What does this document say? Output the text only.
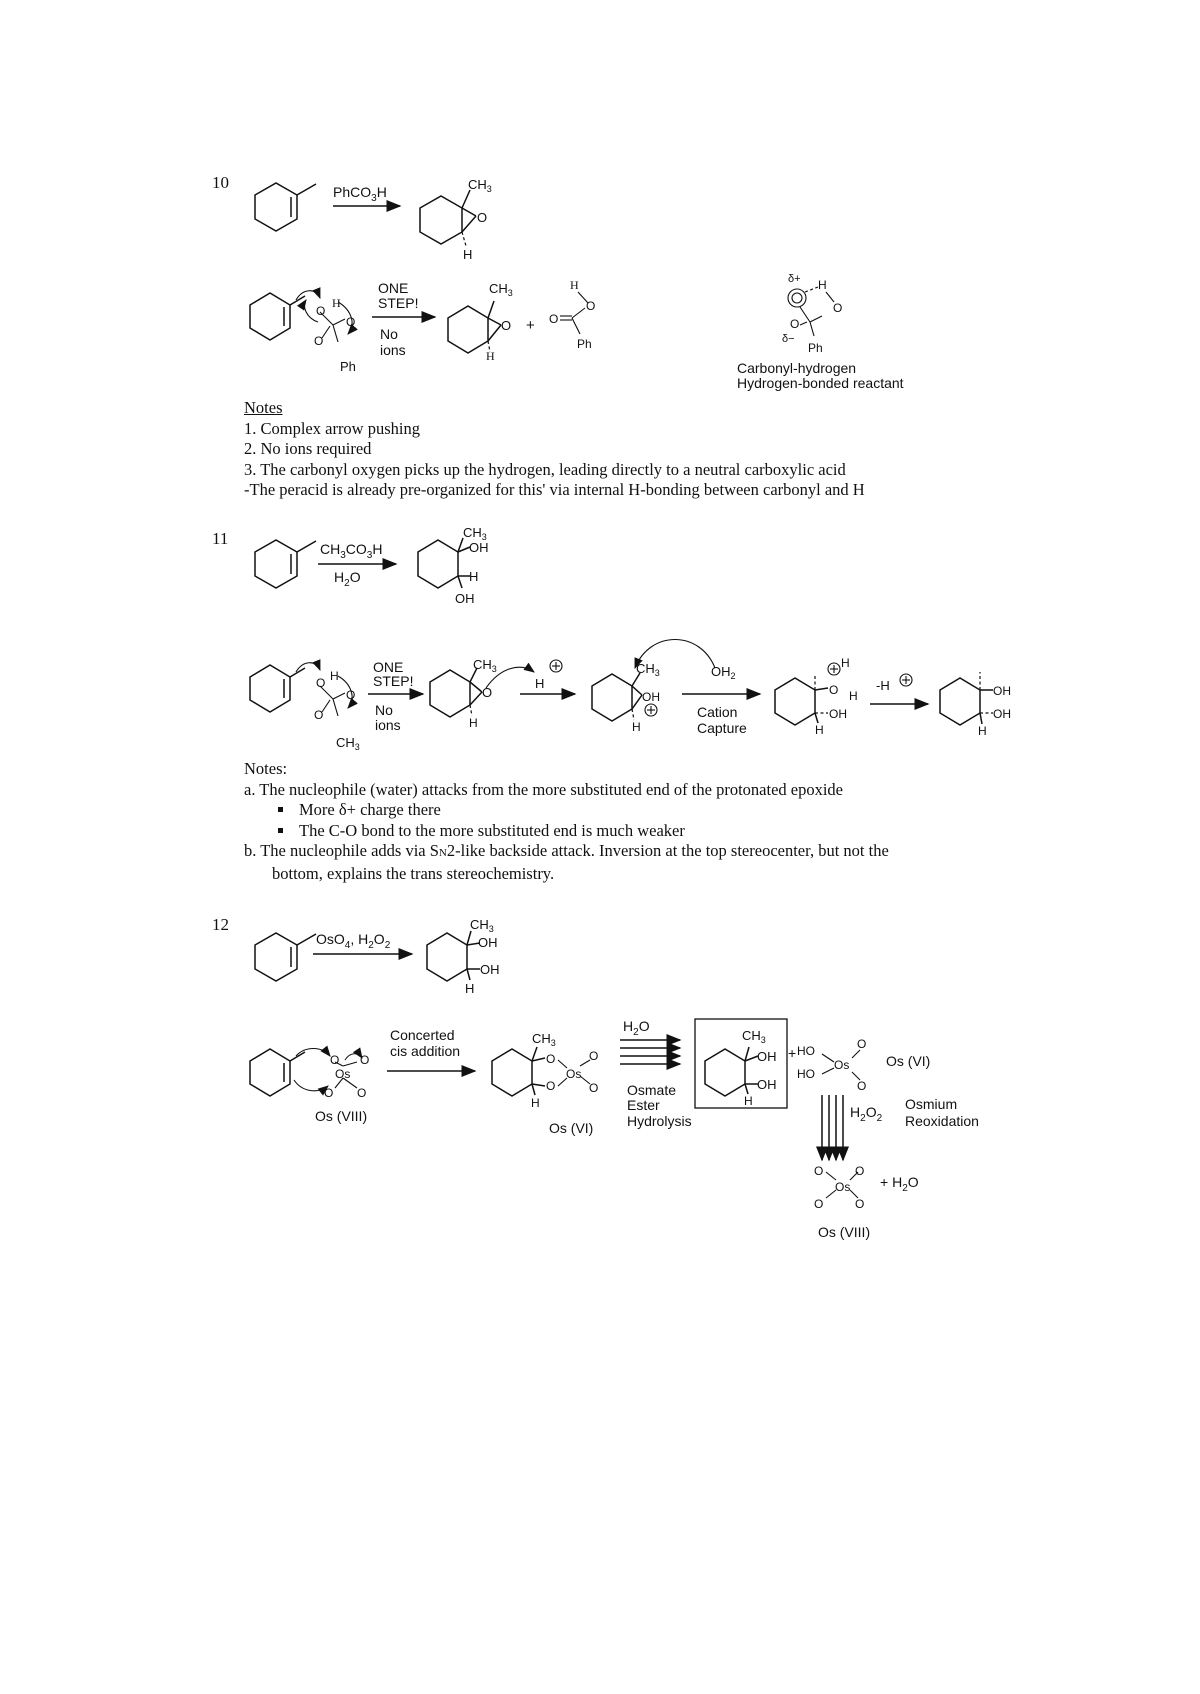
10
11
12
PhCO$_3$H	$CH_3$
O
H
O
H
O
O
Ph
ONE
STEP!
No
ions
$CH_3$
O
H
+
H
O
O
Ph
δ+ H
O
O
δ−
Ph
Carbonyl-hydrogen
Hydrogen-bonded reactant
$CH_3CO_3H$
$H_2O$
$CH_3$
OH
H
OH
O H
O
O
$CH_3$
ONE
STEP!
No
ions
$CH_3$
O
H
H
$CH_3$
OH
H
$OH_2$
Cation
Capture
O
H
H
OH
H
-H	OH
OH
H
OsO$_4$, $H_2O_2$
$CH_3$
OH
OH
H
O O
Os
O O
Os (VIII)
Concerted
cis addition
$CH_3$
O
O
Os
O
O
H
Os (VI)
$H_2O$
Osmate
Ester
Hydrolysis
$CH_3$
OH
OH
H
+ HO
HO
Os
O
O
Os (VI)
$H_2O_2$
Osmium
Reoxidation
O	O
Os
O	O
+ $H_2O$
Os (VIII)
Notes
1. Complex arrow pushing
2. No ions required
3. The carbonyl oxygen picks up the hydrogen, leading directly to a neutral carboxylic acid
-The peracid is already pre-organized for this' via internal H-bonding between carbonyl and H
Notes:
a. The nucleophile (water) attacks from the more substituted end of the protonated epoxide
More δ+ charge there
The C-O bond to the more substituted end is much weaker
b. The nucleophile adds via SN2-like backside attack. Inversion at the top stereocenter, but not the
bottom, explains the trans stereochemistry.
